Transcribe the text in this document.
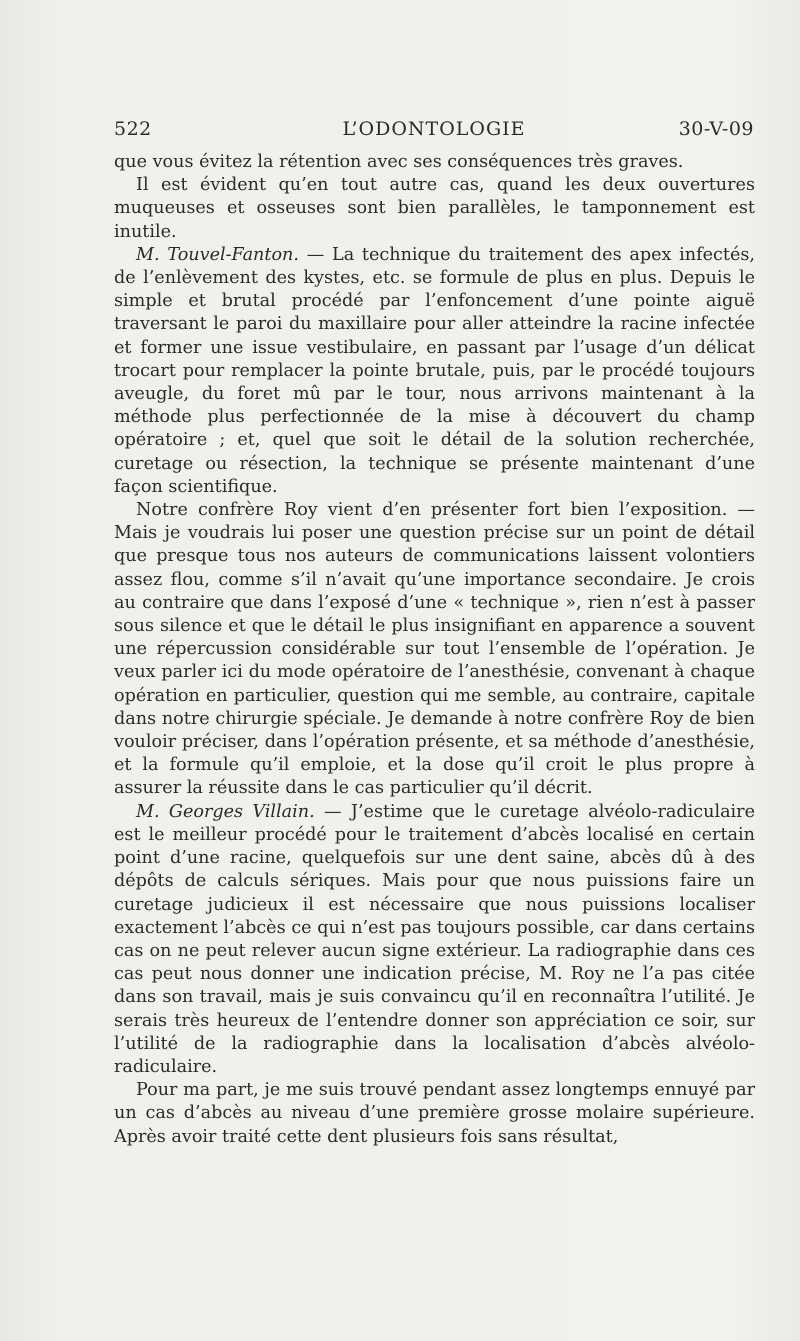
522	L’ODONTOLOGIE	30-V-09

que vous évitez la rétention avec ses conséquences très graves.

Il est évident qu’en tout autre cas, quand les deux ouvertures muqueuses et osseuses sont bien parallèles, le tamponnement est inutile.

M. Touvel-Fanton. — La technique du traitement des apex infectés, de l’enlèvement des kystes, etc. se formule de plus en plus. Depuis le simple et brutal procédé par l’enfoncement d’une pointe aiguë traversant le paroi du maxillaire pour aller atteindre la racine infectée et former une issue vestibulaire, en passant par l’usage d’un délicat trocart pour remplacer la pointe brutale, puis, par le procédé toujours aveugle, du foret mû par le tour, nous arrivons maintenant à la méthode plus perfectionnée de la mise à découvert du champ opératoire ; et, quel que soit le détail de la solution recherchée, curetage ou résection, la technique se présente maintenant d’une façon scientifique.

Notre confrère Roy vient d’en présenter fort bien l’exposition. — Mais je voudrais lui poser une question précise sur un point de détail que presque tous nos auteurs de communications laissent volontiers assez flou, comme s’il n’avait qu’une importance secondaire. Je crois au contraire que dans l’exposé d’une « technique », rien n’est à passer sous silence et que le détail le plus insignifiant en apparence a souvent une répercussion considérable sur tout l’ensemble de l’opération. Je veux parler ici du mode opératoire de l’anesthésie, convenant à chaque opération en particulier, question qui me semble, au contraire, capitale dans notre chirurgie spéciale. Je demande à notre confrère Roy de bien vouloir préciser, dans l’opération présente, et sa méthode d’anesthésie, et la formule qu’il emploie, et la dose qu’il croit le plus propre à assurer la réussite dans le cas particulier qu’il décrit.

M. Georges Villain. — J’estime que le curetage alvéolo-radiculaire est le meilleur procédé pour le traitement d’abcès localisé en certain point d’une racine, quelquefois sur une dent saine, abcès dû à des dépôts de calculs sériques. Mais pour que nous puissions faire un curetage judicieux il est nécessaire que nous puissions localiser exactement l’abcès ce qui n’est pas toujours possible, car dans certains cas on ne peut relever aucun signe extérieur. La radiographie dans ces cas peut nous donner une indication précise, M. Roy ne l’a pas citée dans son travail, mais je suis convaincu qu’il en reconnaîtra l’utilité. Je serais très heureux de l’entendre donner son appréciation ce soir, sur l’utilité de la radiographie dans la localisation d’abcès alvéolo-radiculaire.

Pour ma part, je me suis trouvé pendant assez longtemps ennuyé par un cas d’abcès au niveau d’une première grosse molaire supérieure. Après avoir traité cette dent plusieurs fois sans résultat,
